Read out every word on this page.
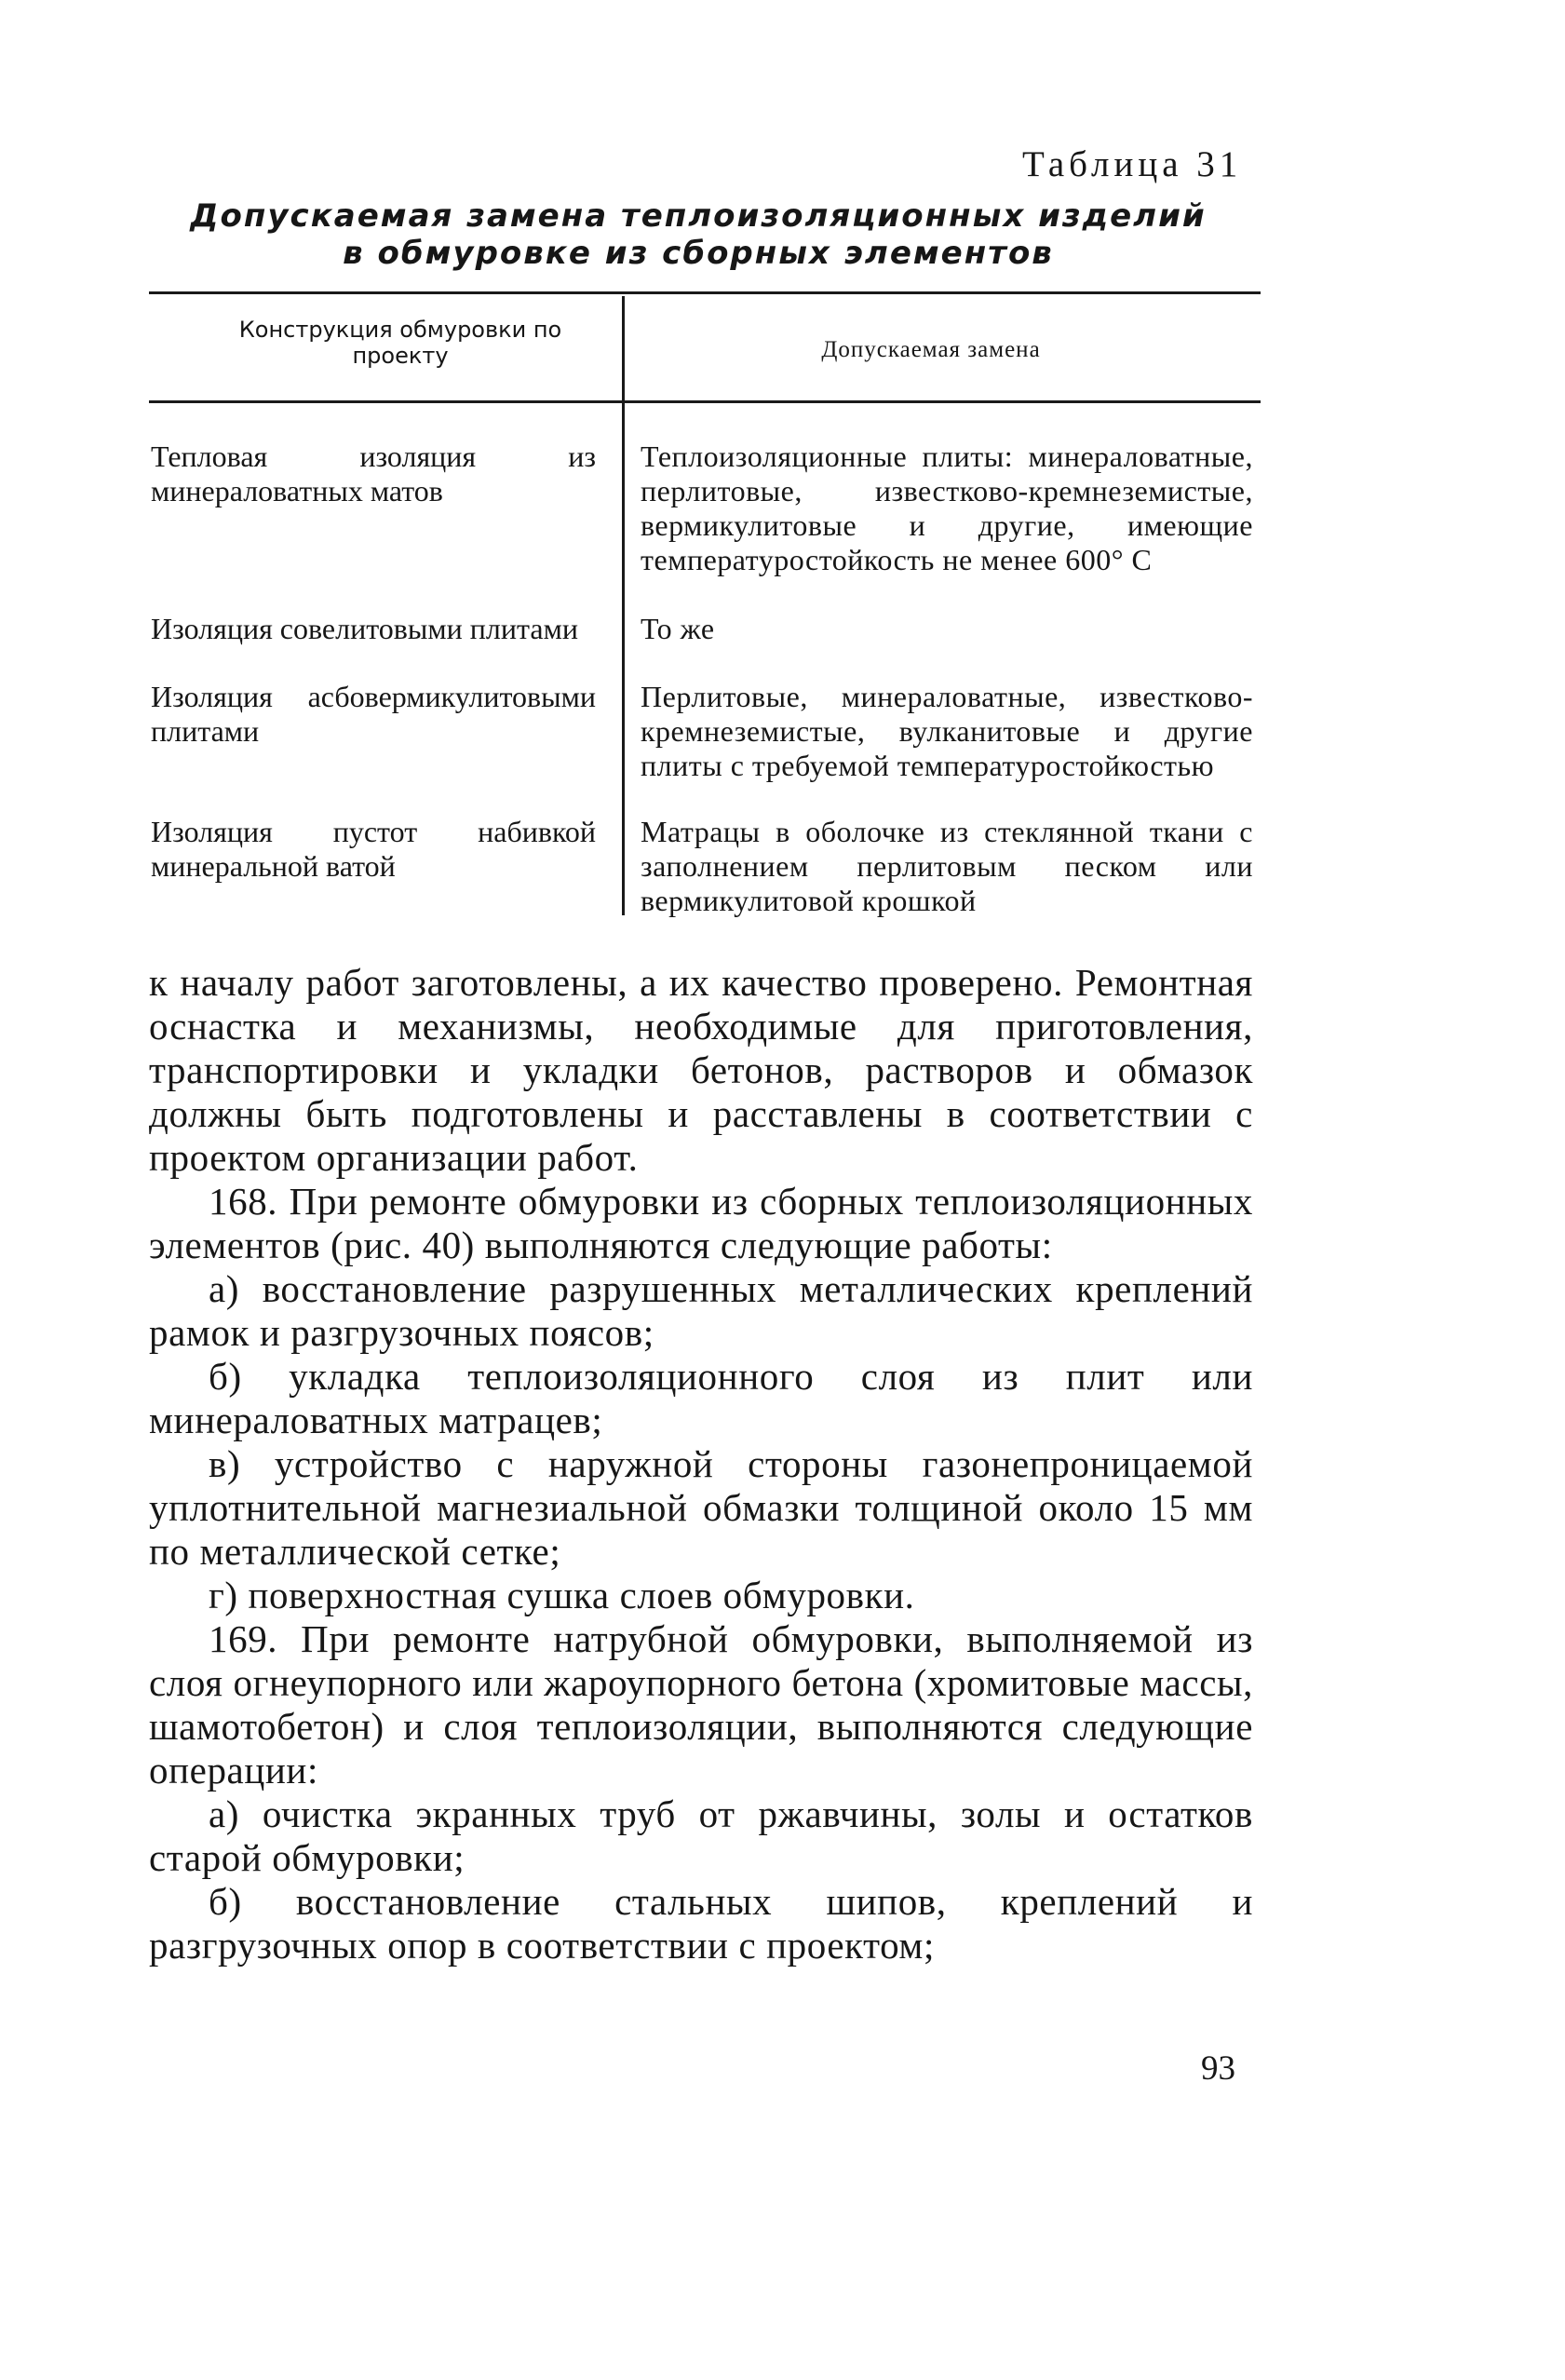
Таблица 31
Допускаемая замена теплоизоляционных изделий
в обмуровке из сборных элементов
Конструкция обмуровки по проекту	Допускаемая замена
Тепловая изоляция из минераловатных матов
Теплоизоляционные плиты: минераловатные, перлитовые, известково-кремнеземистые, вермикулитовые и другие, имеющие температуростойкость не менее 600° С
Изоляция совелитовыми плитами	То же
Изоляция асбовермикулитовыми плитами
Перлитовые, минераловатные, известково-кремнеземистые, вулканитовые и другие плиты с требуемой температуростойкостью
Изоляция пустот набивкой минеральной ватой
Матрацы в оболочке из стеклянной ткани с заполнением перлитовым песком или вермикулитовой крошкой

к началу работ заготовлены, а их качество проверено. Ремонтная оснастка и механизмы, необходимые для приготовления, транспортировки и укладки бетонов, растворов и обмазок должны быть подготовлены и расставлены в соответствии с проектом организации работ.

168. При ремонте обмуровки из сборных теплоизоляционных элементов (рис. 40) выполняются следующие работы:

а) восстановление разрушенных металлических креплений рамок и разгрузочных поясов;

б) укладка теплоизоляционного слоя из плит или минераловатных матрацев;

в) устройство с наружной стороны газонепроницаемой уплотнительной магнезиальной обмазки толщиной около 15 мм по металлической сетке;

г) поверхностная сушка слоев обмуровки.

169. При ремонте натрубной обмуровки, выполняемой из слоя огнеупорного или жароупорного бетона (хромитовые массы, шамотобетон) и слоя теплоизоляции, выполняются следующие операции:

а) очистка экранных труб от ржавчины, золы и остатков старой обмуровки;

б) восстановление стальных шипов, креплений и разгрузочных опор в соответствии с проектом;

93
